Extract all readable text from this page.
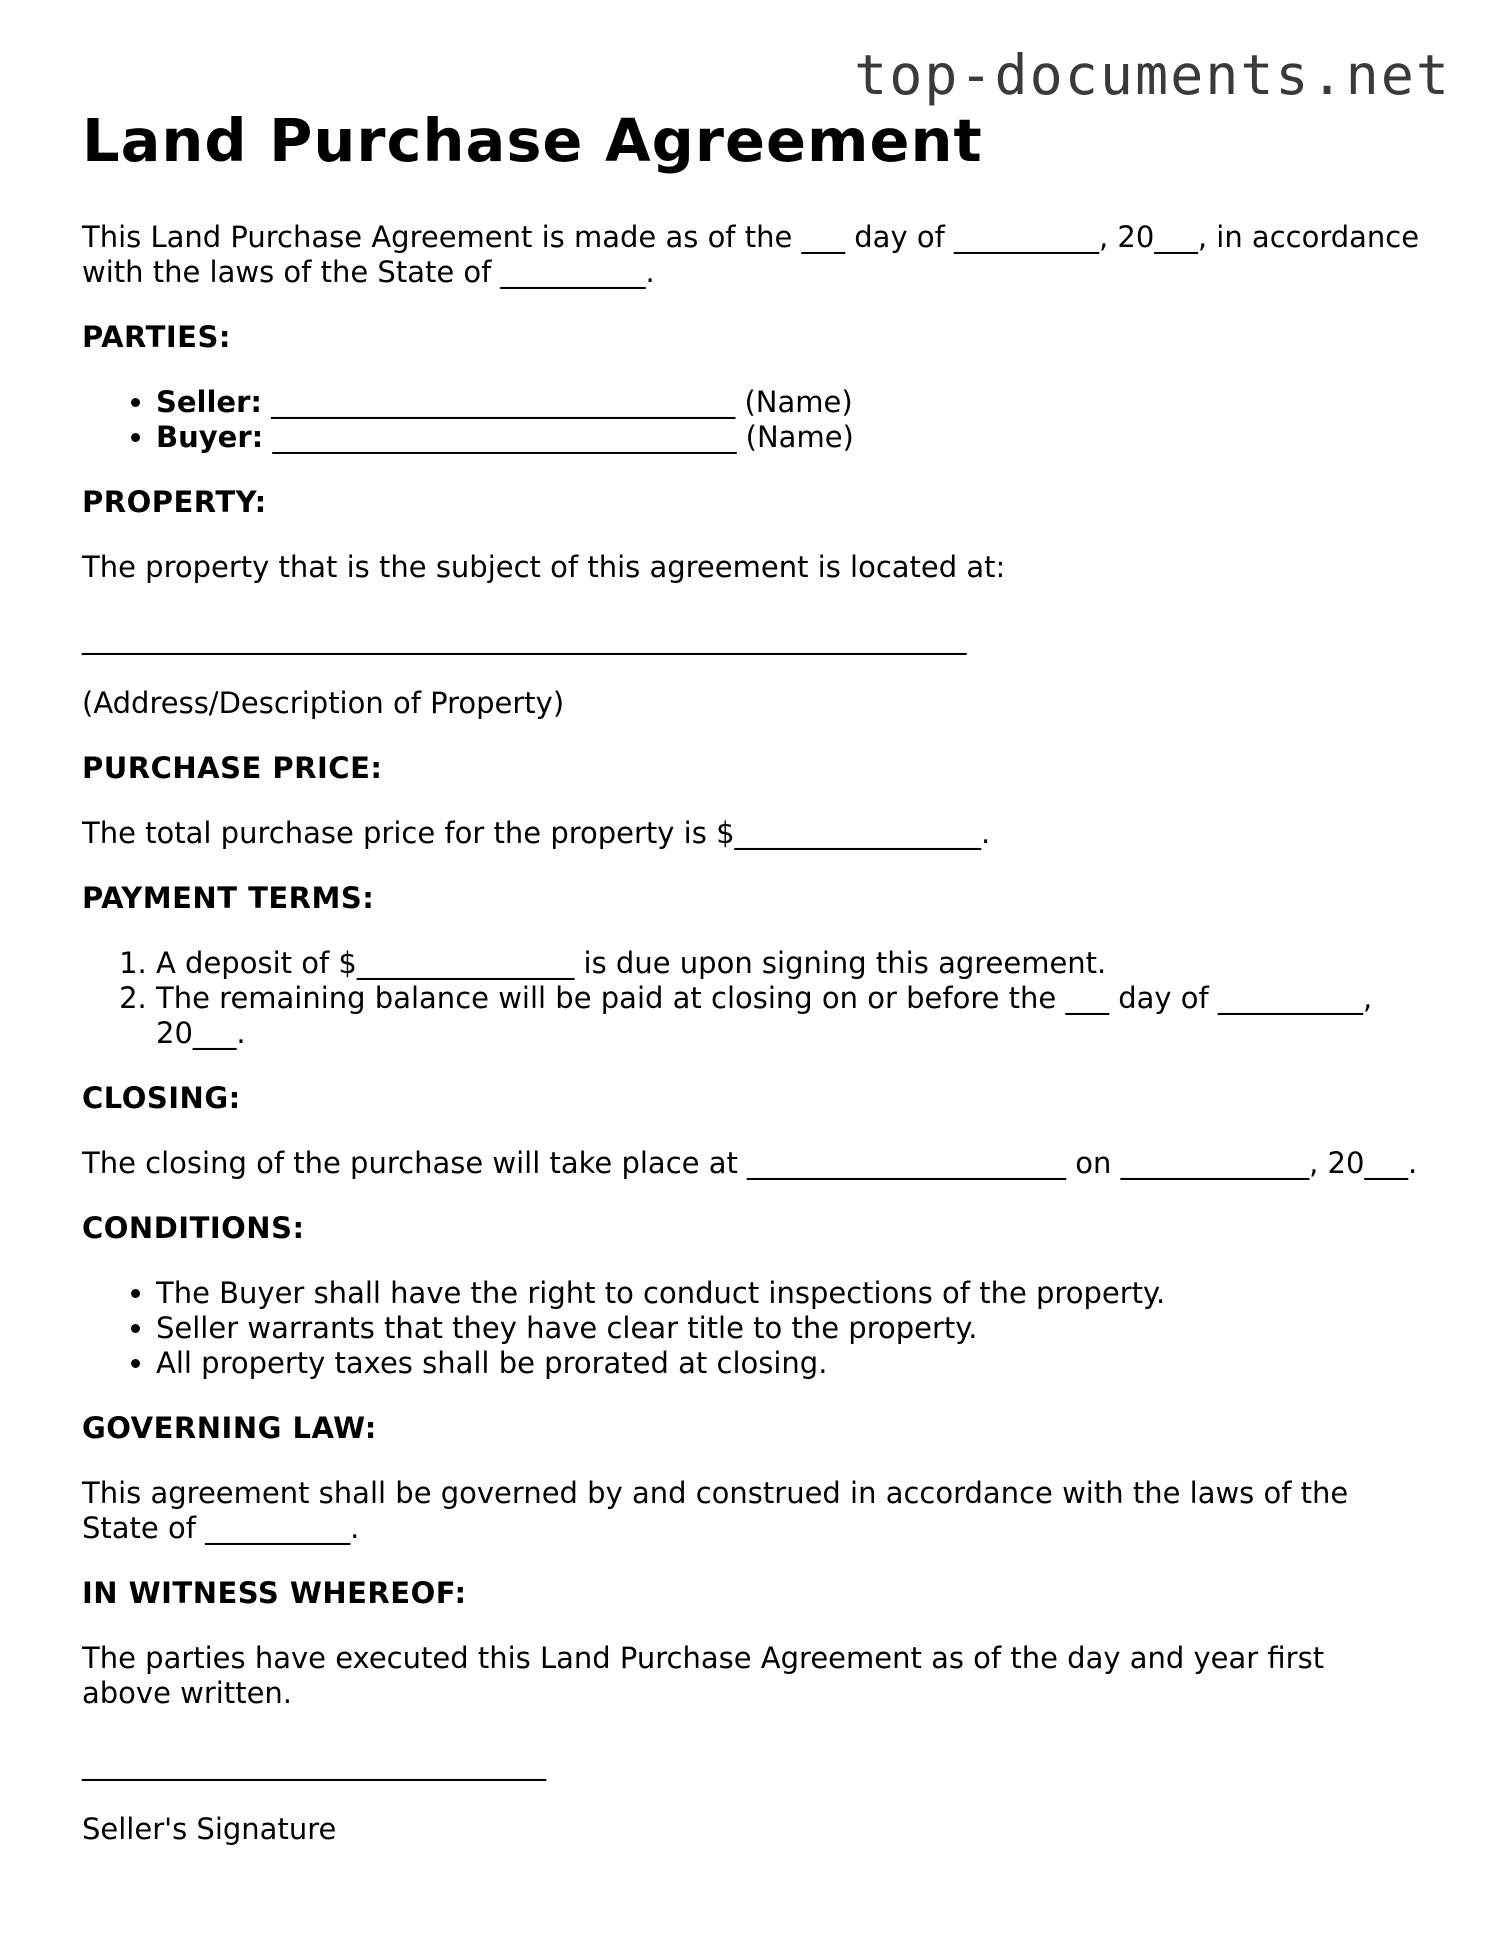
top-documents.net
Land Purchase Agreement

This Land Purchase Agreement is made as of the ___ day of __________, 20___, in accordance with the laws of the State of __________.

PARTIES:

• Seller: ________________________________ (Name)
• Buyer: ________________________________ (Name)

PROPERTY:

The property that is the subject of this agreement is located at:

_____________________________________________________________

(Address/Description of Property)

PURCHASE PRICE:

The total purchase price for the property is $_________________.

PAYMENT TERMS:

1. A deposit of $_______________ is due upon signing this agreement.
2. The remaining balance will be paid at closing on or before the ___ day of __________, 20___.

CLOSING:

The closing of the purchase will take place at ______________________ on _____________, 20___.

CONDITIONS:

• The Buyer shall have the right to conduct inspections of the property.
• Seller warrants that they have clear title to the property.
• All property taxes shall be prorated at closing.

GOVERNING LAW:

This agreement shall be governed by and construed in accordance with the laws of the State of __________.

IN WITNESS WHEREOF:

The parties have executed this Land Purchase Agreement as of the day and year first above written.

________________________________

Seller's Signature
